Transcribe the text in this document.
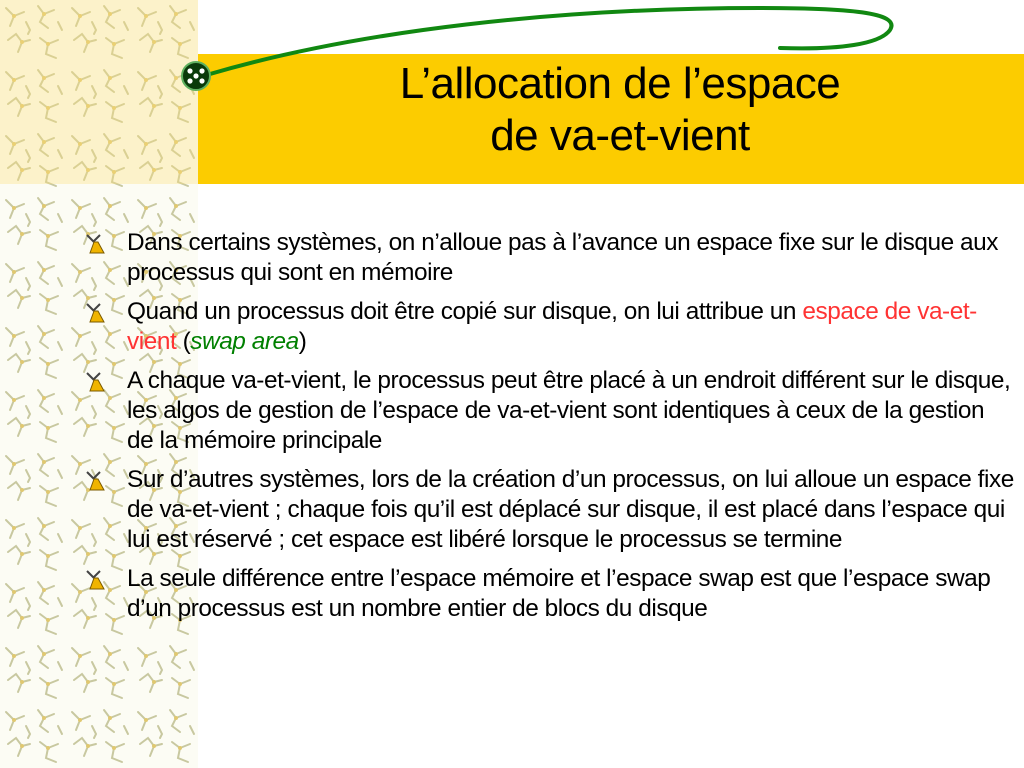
L’allocation de l’espace
de va-et-vient
Dans certains systèmes, on n’alloue pas à l’avance un espace fixe sur le disque aux processus qui sont en mémoire
Quand un processus doit être copié sur disque, on lui attribue un espace de va-et-vient (swap area)
A chaque va-et-vient, le processus peut être placé à un endroit différent sur le disque, les algos de gestion de l’espace de va-et-vient sont identiques à ceux de la gestion de la mémoire principale
Sur d’autres systèmes, lors de la création d’un processus, on lui alloue un espace fixe de va-et-vient ; chaque fois qu’il est déplacé sur disque, il est placé dans l’espace qui lui est réservé ; cet espace est libéré lorsque le processus se termine
La seule différence entre l’espace mémoire et l’espace swap est que l’espace swap d’un processus est un nombre entier de blocs du disque
